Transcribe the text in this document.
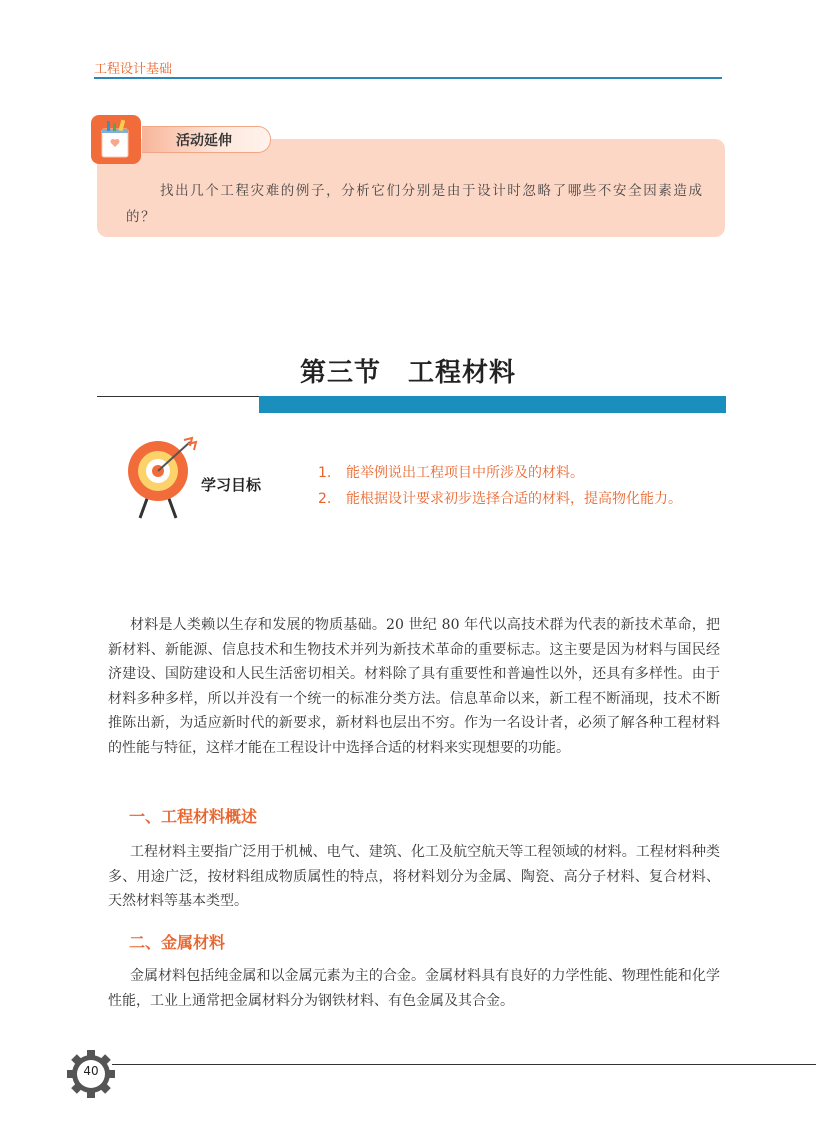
工程设计基础
活动延伸

找出几个工程灾难的例子，分析它们分别是由于设计时忽略了哪些不安全因素造成的？

第三节　工程材料
学习目标
1. 能举例说出工程项目中所涉及的材料。
2. 能根据设计要求初步选择合适的材料，提高物化能力。

材料是人类赖以生存和发展的物质基础。20 世纪 80 年代以高技术群为代表的新技术革命，把新材料、新能源、信息技术和生物技术并列为新技术革命的重要标志。这主要是因为材料与国民经济建设、国防建设和人民生活密切相关。材料除了具有重要性和普遍性以外，还具有多样性。由于材料多种多样，所以并没有一个统一的标准分类方法。信息革命以来，新工程不断涌现，技术不断推陈出新，为适应新时代的新要求，新材料也层出不穷。作为一名设计者，必须了解各种工程材料的性能与特征，这样才能在工程设计中选择合适的材料来实现想要的功能。

一、工程材料概述

工程材料主要指广泛用于机械、电气、建筑、化工及航空航天等工程领域的材料。工程材料种类多、用途广泛，按材料组成物质属性的特点，将材料划分为金属、陶瓷、高分子材料、复合材料、天然材料等基本类型。

二、金属材料

金属材料包括纯金属和以金属元素为主的合金。金属材料具有良好的力学性能、物理性能和化学性能，工业上通常把金属材料分为钢铁材料、有色金属及其合金。

40
